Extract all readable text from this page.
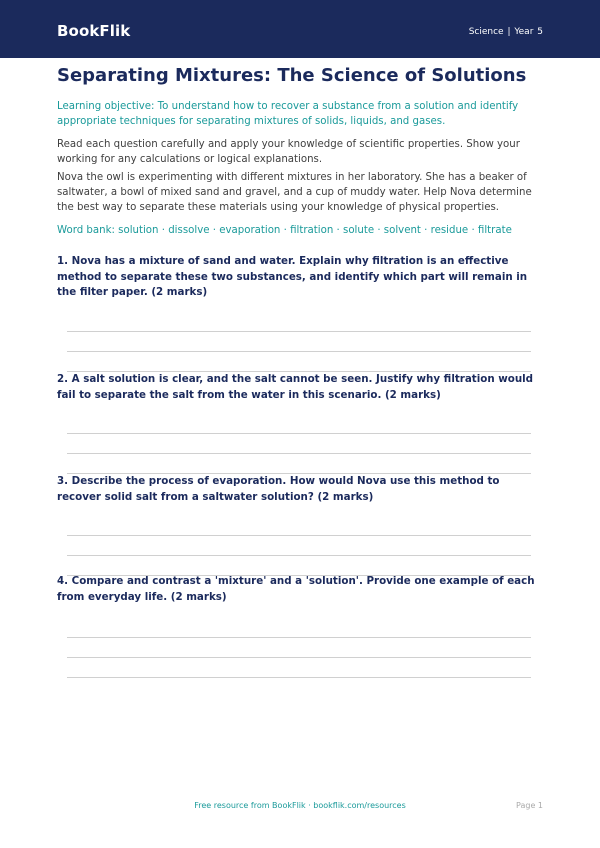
BookFlik	Science | Year 5
Separating Mixtures: The Science of Solutions

Learning objective: To understand how to recover a substance from a solution and identify appropriate techniques for separating mixtures of solids, liquids, and gases.

Read each question carefully and apply your knowledge of scientific properties. Show your working for any calculations or logical explanations.

Nova the owl is experimenting with different mixtures in her laboratory. She has a beaker of saltwater, a bowl of mixed sand and gravel, and a cup of muddy water. Help Nova determine the best way to separate these materials using your knowledge of physical properties.

Word bank: solution · dissolve · evaporation · filtration · solute · solvent · residue · filtrate

1. Nova has a mixture of sand and water. Explain why filtration is an effective method to separate these two substances, and identify which part will remain in the filter paper. (2 marks)

2. A salt solution is clear, and the salt cannot be seen. Justify why filtration would fail to separate the salt from the water in this scenario. (2 marks)

3. Describe the process of evaporation. How would Nova use this method to recover solid salt from a saltwater solution? (2 marks)

4. Compare and contrast a 'mixture' and a 'solution'. Provide one example of each from everyday life. (2 marks)

Free resource from BookFlik · bookflik.com/resources	Page 1
